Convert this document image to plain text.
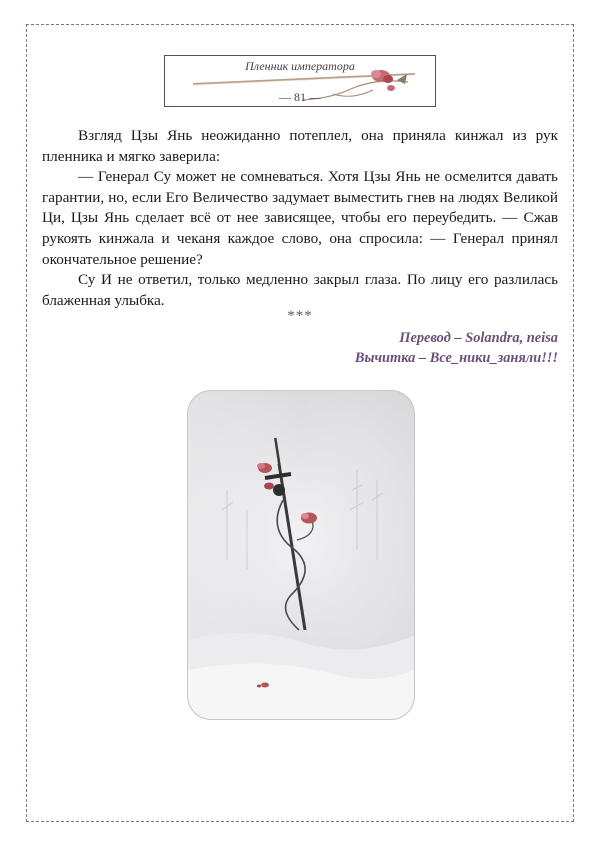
Пленник императора
— 81 —

Взгляд Цзы Янь неожиданно потеплел, она приняла кинжал из рук пленника и мягко заверила:

— Генерал Су может не сомневаться. Хотя Цзы Янь не осмелится давать гарантии, но, если Его Величество задумает выместить гнев на людях Великой Ци, Цзы Янь сделает всё от нее зависящее, чтобы его переубедить. — Сжав рукоять кинжала и чеканя каждое слово, она спросила: — Генерал принял окончательное решение?

Су И не ответил, только медленно закрыл глаза. По лицу его разлилась блаженная улыбка.

***
Перевод – Solandra, neisa
Вычитка – Все_ники_заняли!!!
